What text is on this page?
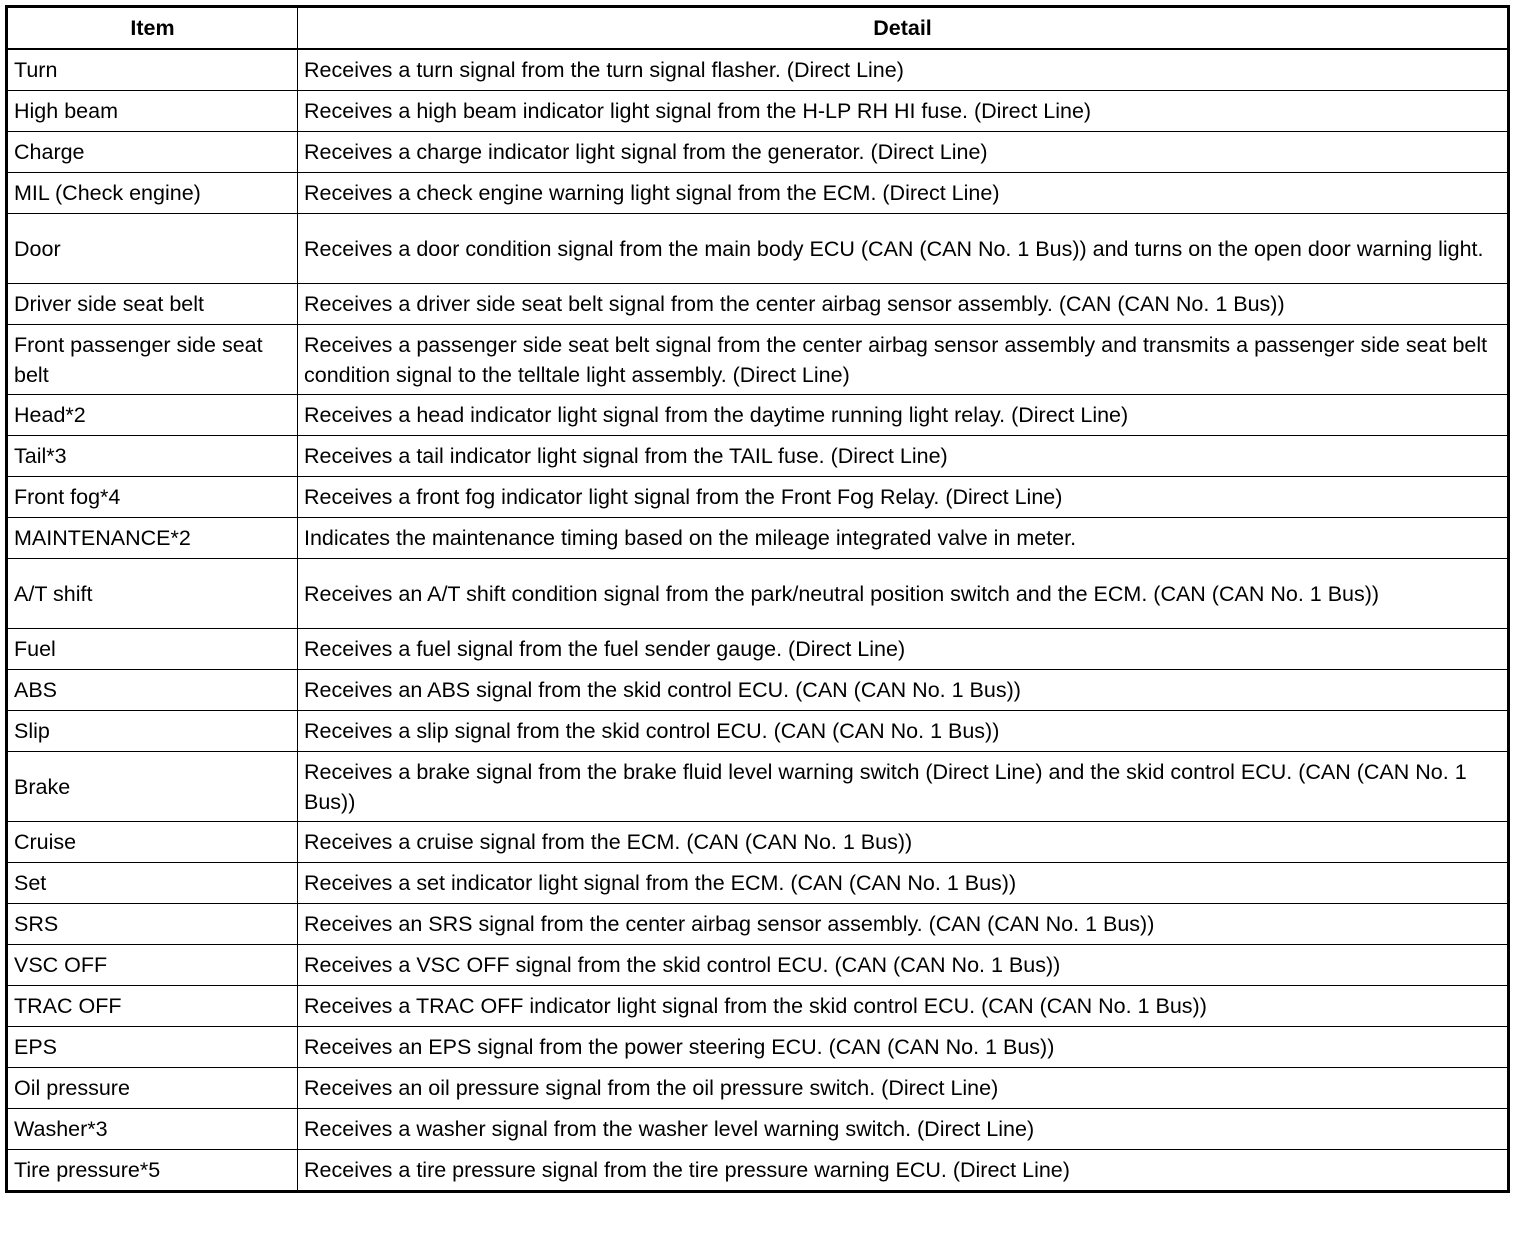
Item	Detail
Turn	Receives a turn signal from the turn signal flasher. (Direct Line)
High beam	Receives a high beam indicator light signal from the H-LP RH HI fuse. (Direct Line)
Charge	Receives a charge indicator light signal from the generator. (Direct Line)
MIL (Check engine)	Receives a check engine warning light signal from the ECM. (Direct Line)
Door	Receives a door condition signal from the main body ECU (CAN (CAN No. 1 Bus)) and turns on the open door warning light.
Driver side seat belt	Receives a driver side seat belt signal from the center airbag sensor assembly. (CAN (CAN No. 1 Bus))
Front passenger side seat belt	Receives a passenger side seat belt signal from the center airbag sensor assembly and transmits a passenger side seat belt condition signal to the telltale light assembly. (Direct Line)
Head*2	Receives a head indicator light signal from the daytime running light relay. (Direct Line)
Tail*3	Receives a tail indicator light signal from the TAIL fuse. (Direct Line)
Front fog*4	Receives a front fog indicator light signal from the Front Fog Relay. (Direct Line)
MAINTENANCE*2	Indicates the maintenance timing based on the mileage integrated valve in meter.
A/T shift	Receives an A/T shift condition signal from the park/neutral position switch and the ECM. (CAN (CAN No. 1 Bus))
Fuel	Receives a fuel signal from the fuel sender gauge. (Direct Line)
ABS	Receives an ABS signal from the skid control ECU. (CAN (CAN No. 1 Bus))
Slip	Receives a slip signal from the skid control ECU. (CAN (CAN No. 1 Bus))
Brake	Receives a brake signal from the brake fluid level warning switch (Direct Line) and the skid control ECU. (CAN (CAN No. 1 Bus))
Cruise	Receives a cruise signal from the ECM. (CAN (CAN No. 1 Bus))
Set	Receives a set indicator light signal from the ECM. (CAN (CAN No. 1 Bus))
SRS	Receives an SRS signal from the center airbag sensor assembly. (CAN (CAN No. 1 Bus))
VSC OFF	Receives a VSC OFF signal from the skid control ECU. (CAN (CAN No. 1 Bus))
TRAC OFF	Receives a TRAC OFF indicator light signal from the skid control ECU. (CAN (CAN No. 1 Bus))
EPS	Receives an EPS signal from the power steering ECU. (CAN (CAN No. 1 Bus))
Oil pressure	Receives an oil pressure signal from the oil pressure switch. (Direct Line)
Washer*3	Receives a washer signal from the washer level warning switch. (Direct Line)
Tire pressure*5	Receives a tire pressure signal from the tire pressure warning ECU. (Direct Line)
